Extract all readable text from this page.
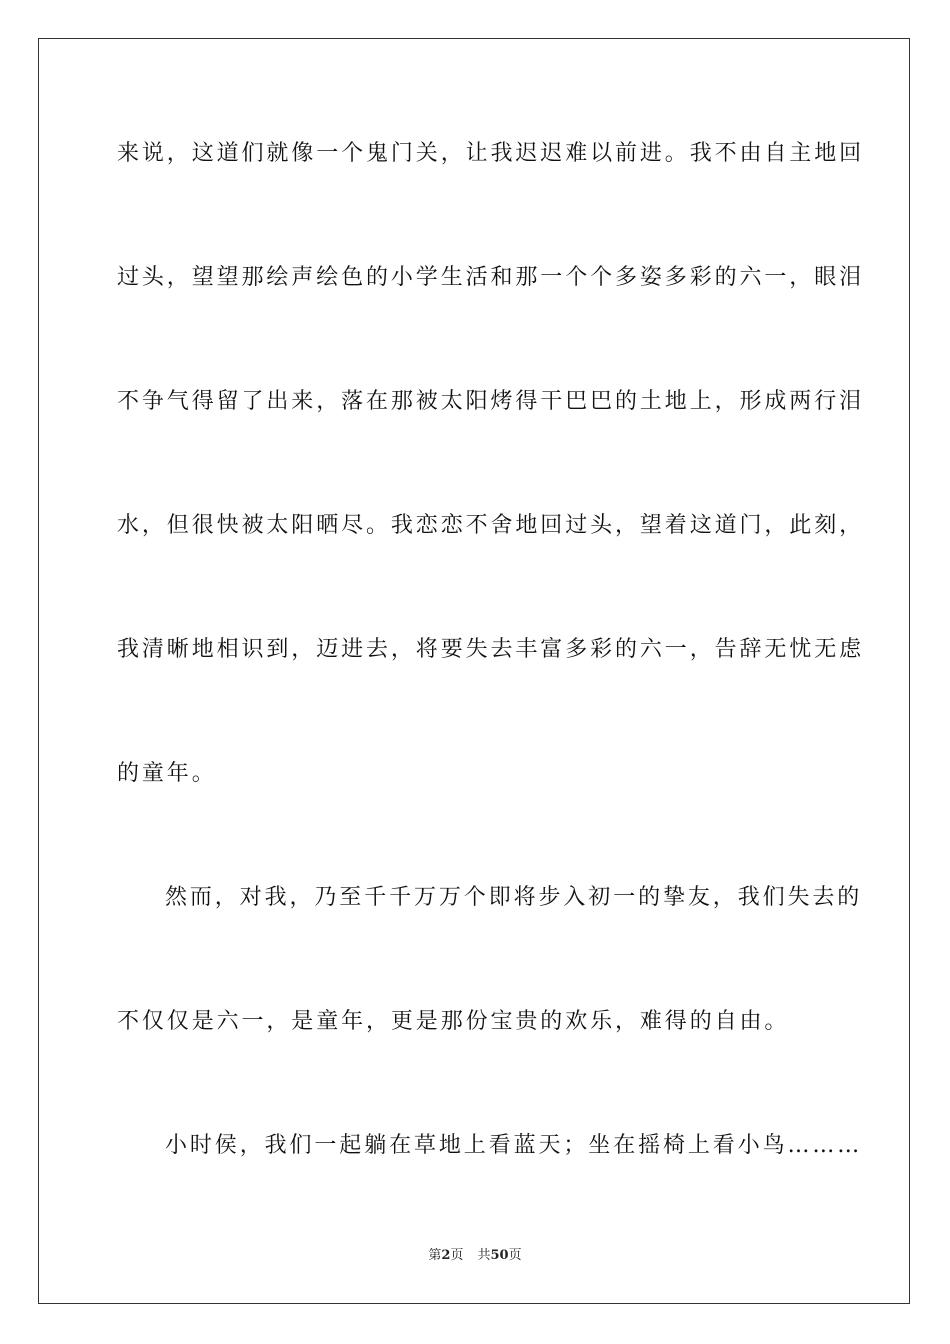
来说，这道们就像一个鬼门关，让我迟迟难以前进。我不由自主地回
过头，望望那绘声绘色的小学生活和那一个个多姿多彩的六一，眼泪
不争气得留了出来，落在那被太阳烤得干巴巴的土地上，形成两行泪
水，但很快被太阳晒尽。我恋恋不舍地回过头，望着这道门，此刻，
我清晰地相识到，迈进去，将要失去丰富多彩的六一，告辞无忧无虑
的童年。
然而，对我，乃至千千万万个即将步入初一的挚友，我们失去的
不仅仅是六一，是童年，更是那份宝贵的欢乐，难得的自由。
小时侯，我们一起躺在草地上看蓝天；坐在摇椅上看小鸟………
第2页 共50页
